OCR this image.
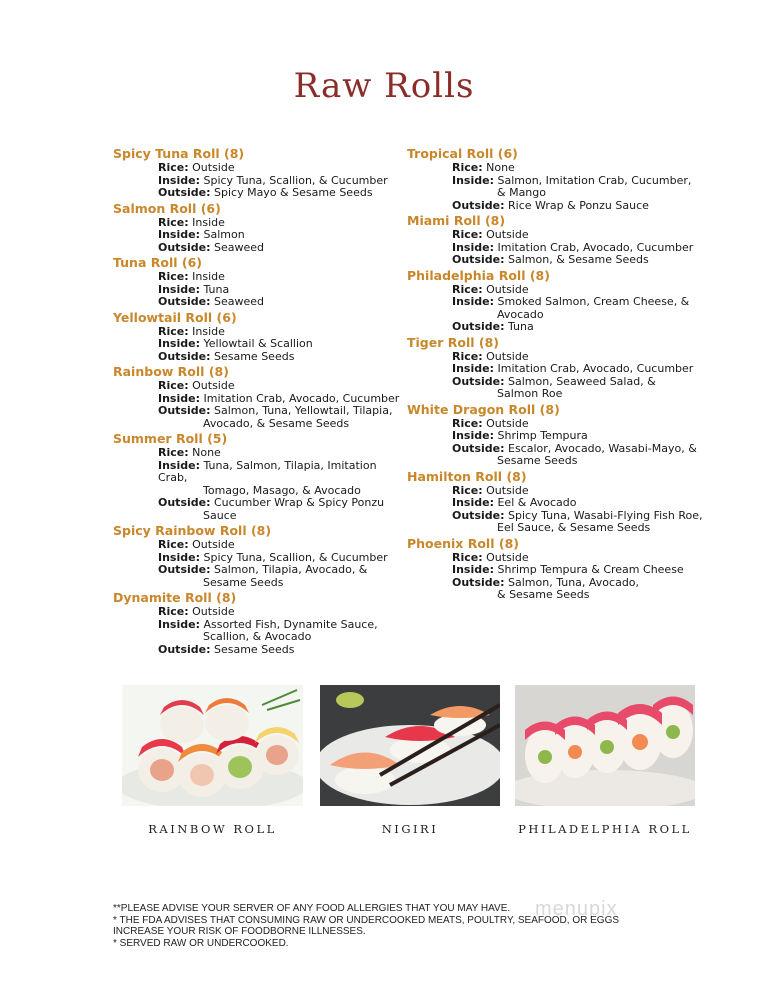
Raw Rolls
Spicy Tuna Roll (8)
Rice: Outside
Inside: Spicy Tuna, Scallion, & Cucumber
Outside: Spicy Mayo & Sesame Seeds
Salmon Roll (6)
Rice: Inside
Inside: Salmon
Outside: Seaweed
Tuna Roll (6)
Rice: Inside
Inside: Tuna
Outside: Seaweed
Yellowtail Roll (6)
Rice: Inside
Inside: Yellowtail & Scallion
Outside: Sesame Seeds
Rainbow Roll (8)
Rice: Outside
Inside: Imitation Crab, Avocado, Cucumber
Outside: Salmon, Tuna, Yellowtail, Tilapia,
Avocado, & Sesame Seeds
Summer Roll (5)
Rice: None
Inside: Tuna, Salmon, Tilapia, Imitation Crab,
Tomago, Masago, & Avocado
Outside: Cucumber Wrap & Spicy Ponzu
Sauce
Spicy Rainbow Roll (8)
Rice: Outside
Inside: Spicy Tuna, Scallion, & Cucumber
Outside: Salmon, Tilapia, Avocado, &
Sesame Seeds
Dynamite Roll (8)
Rice: Outside
Inside: Assorted Fish, Dynamite Sauce,
Scallion, & Avocado
Outside: Sesame Seeds
Tropical Roll (6)
Rice: None
Inside: Salmon, Imitation Crab, Cucumber,
& Mango
Outside: Rice Wrap & Ponzu Sauce
Miami Roll (8)
Rice: Outside
Inside: Imitation Crab, Avocado, Cucumber
Outside: Salmon, & Sesame Seeds
Philadelphia Roll (8)
Rice: Outside
Inside: Smoked Salmon, Cream Cheese, &
Avocado
Outside: Tuna
Tiger Roll (8)
Rice: Outside
Inside: Imitation Crab, Avocado, Cucumber
Outside: Salmon, Seaweed Salad, &
Salmon Roe
White Dragon Roll (8)
Rice: Outside
Inside: Shrimp Tempura
Outside: Escalor, Avocado, Wasabi-Mayo, &
Sesame Seeds
Hamilton Roll (8)
Rice: Outside
Inside: Eel & Avocado
Outside: Spicy Tuna, Wasabi-Flying Fish Roe,
Eel Sauce, & Sesame Seeds
Phoenix Roll (8)
Rice: Outside
Inside: Shrimp Tempura & Cream Cheese
Outside: Salmon, Tuna, Avocado,
& Sesame Seeds
RAINBOW ROLL	NIGIRI	PHILADELPHIA ROLL
menupix
**PLEASE ADVISE YOUR SERVER OF ANY FOOD ALLERGIES THAT YOU MAY HAVE.
* THE FDA ADVISES THAT CONSUMING RAW OR UNDERCOOKED MEATS, POULTRY, SEAFOOD, OR EGGS
INCREASE YOUR RISK OF FOODBORNE ILLNESSES.
* SERVED RAW OR UNDERCOOKED.
